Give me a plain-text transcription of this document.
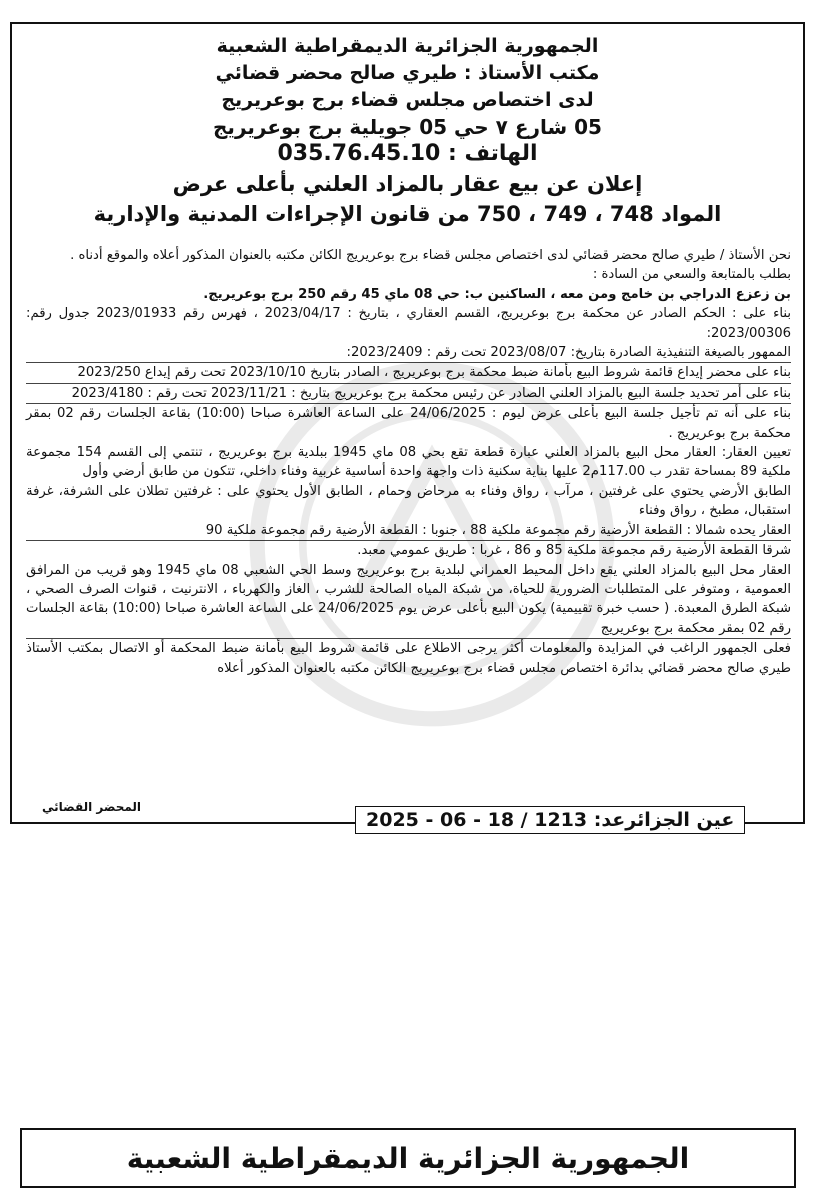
الجمهورية الجزائرية الديمقراطية الشعبية
مكتب الأستاذ : طيري صالح محضر قضائي
لدى اختصاص مجلس قضاء برج بوعريريج
05 شارع ٧ حي 05 جويلية برج بوعريريج
الهاتف : 035.76.45.10
إعلان عن بيع عقار بالمزاد العلني بأعلى عرض
المواد 748 ، 749 ، 750 من قانون الإجراءات المدنية والإدارية

نحن الأستاذ / طيري صالح محضر قضائي لدى اختصاص مجلس قضاء برج بوعريريج الكائن مكتبه بالعنوان المذكور أعلاه والموقع أدناه .

بطلب بالمتابعة والسعي من السادة :

بن زعزع الدراجي بن خامج ومن معه ، الساكنين ب: حي 08 ماي 45 رقم 250 برج بوعريريج.

بناء على : الحكم الصادر عن محكمة برج بوعريريج، القسم العقاري ، بتاريخ : 2023/04/17 ، فهرس رقم 2023/01933 جدول رقم: 2023/00306:

الممهور بالصيغة التنفيذية الصادرة بتاريخ: 2023/08/07 تحت رقم : 2023/2409:

بناء على محضر إيداع قائمة شروط البيع بأمانة ضبط محكمة برج بوعريريج ، الصادر بتاريخ 2023/10/10 تحت رقم إيداع 2023/250

بناء على أمر تحديد جلسة البيع بالمزاد العلني الصادر عن رئيس محكمة برج بوعريريج بتاريخ : 2023/11/21 تحت رقم : 2023/4180

بناء على أنه تم تأجيل جلسة البيع بأعلى عرض ليوم : 24/06/2025 على الساعة العاشرة صباحا (10:00) بقاعة الجلسات رقم 02 بمقر محكمة برج بوعريريج .

تعيين العقار: العقار محل البيع بالمزاد العلني عبارة قطعة تقع بحي 08 ماي 1945 ببلدية برج بوعريريج ، تنتمي إلى القسم 154 مجموعة ملكية 89 بمساحة تقدر ب 117.00م2 عليها بناية سكنية ذات واجهة واحدة أساسية غربية وفناء داخلي، تتكون من طابق أرضي وأول

الطابق الأرضي يحتوي على غرفتين ، مرآب ، رواق وفناء به مرحاض وحمام ، الطابق الأول يحتوي على : غرفتين تطلان على الشرفة، غرفة استقبال، مطبخ ، رواق وفناء

العقار يحده شمالا : القطعة الأرضية رقم مجموعة ملكية 88 ، جنوبا : القطعة الأرضية رقم مجموعة ملكية 90

شرقا القطعة الأرضية رقم مجموعة ملكية 85 و 86 ، غربا : طريق عمومي معبد.

العقار محل البيع بالمزاد العلني يقع داخل المحيط العمراني لبلدية برج بوعريريج وسط الحي الشعبي 08 ماي 1945 وهو قريب من المرافق العمومية ، ومتوفر على المتطلبات الضرورية للحياة، من شبكة المياه الصالحة للشرب ، الغاز والكهرباء ، الانترنيت ، قنوات الصرف الصحي ، شبكة الطرق المعبدة. ( حسب خبرة تقييمية) يكون البيع بأعلى عرض يوم 24/06/2025 على الساعة العاشرة صباحا (10:00) بقاعة الجلسات رقم 02 بمقر محكمة برج بوعريريج

فعلى الجمهور الراغب في المزايدة والمعلومات أكثر يرجى الاطلاع على قائمة شروط البيع بأمانة ضبط المحكمة أو الاتصال بمكتب الأستاذ طيري صالح محضر قضائي بدائرة اختصاص مجلس قضاء برج بوعريريج الكائن مكتبه بالعنوان المذكور أعلاه

المحضر القضائي
عين الجزائرعد: 1213 / 18 - 06 - 2025
الجمهورية الجزائرية الديمقراطية الشعبية
